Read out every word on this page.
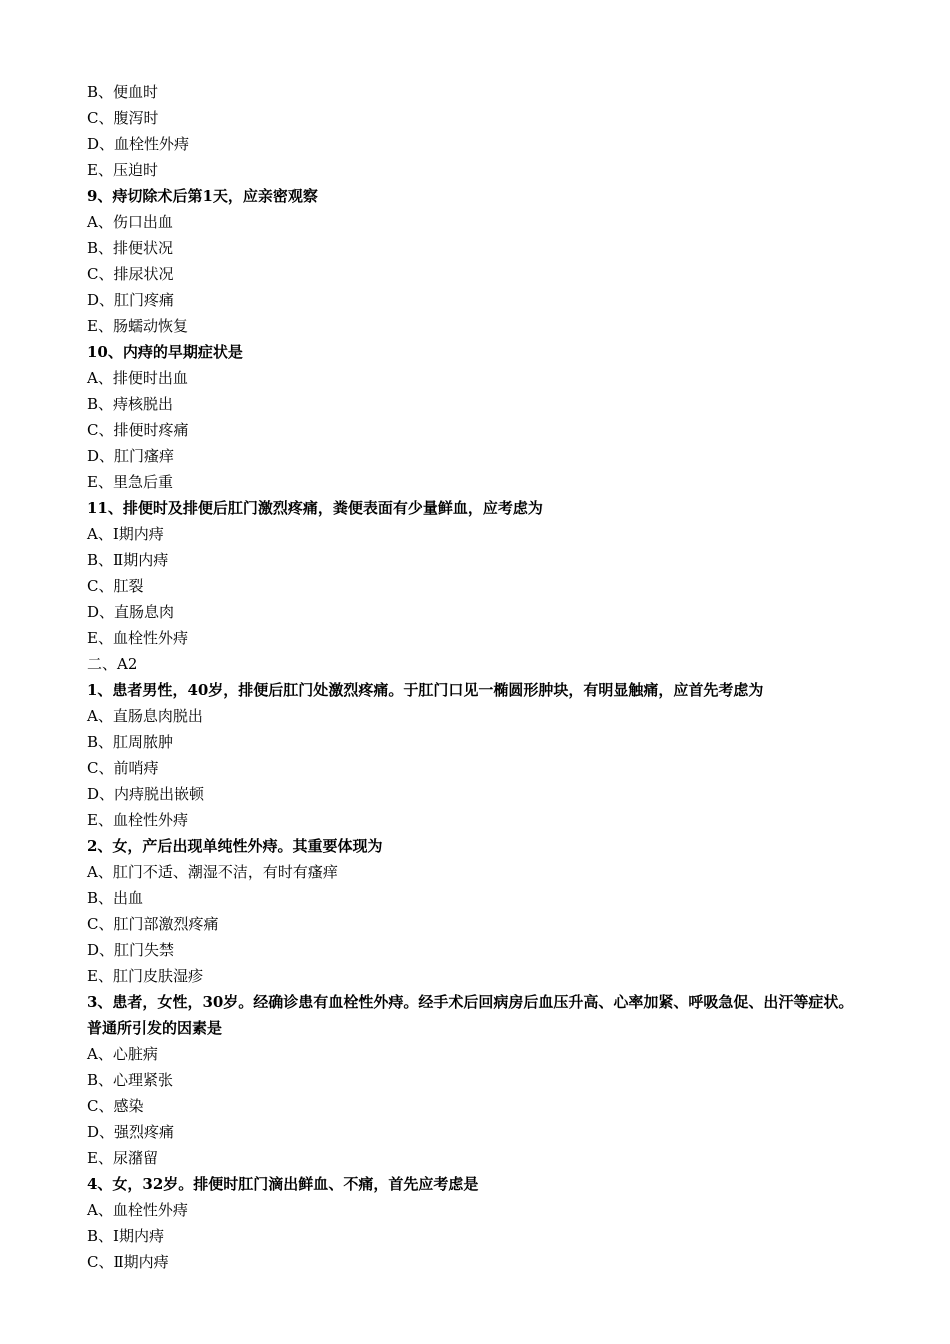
B、便血时
C、腹泻时
D、血栓性外痔
E、压迫时
9、痔切除术后第1天，应亲密观察
A、伤口出血
B、排便状况
C、排尿状况
D、肛门疼痛
E、肠蠕动恢复
10、内痔的早期症状是
A、排便时出血
B、痔核脱出
C、排便时疼痛
D、肛门瘙痒
E、里急后重
11、排便时及排便后肛门激烈疼痛，粪便表面有少量鲜血，应考虑为
A、Ⅰ期内痔
B、Ⅱ期内痔
C、肛裂
D、直肠息肉
E、血栓性外痔
二、A2
1、患者男性，40岁，排便后肛门处激烈疼痛。于肛门口见一椭圆形肿块，有明显触痛，应首先考虑为
A、直肠息肉脱出
B、肛周脓肿
C、前哨痔
D、内痔脱出嵌顿
E、血栓性外痔
2、女，产后出现单纯性外痔。其重要体现为
A、肛门不适、潮湿不洁，有时有瘙痒
B、出血
C、肛门部激烈疼痛
D、肛门失禁
E、肛门皮肤湿疹
3、患者，女性，30岁。经确诊患有血栓性外痔。经手术后回病房后血压升高、心率加紧、呼吸急促、出汗等症状。普通所引发的因素是
A、心脏病
B、心理紧张
C、感染
D、强烈疼痛
E、尿潴留
4、女，32岁。排便时肛门滴出鲜血、不痛，首先应考虑是
A、血栓性外痔
B、Ⅰ期内痔
C、Ⅱ期内痔
